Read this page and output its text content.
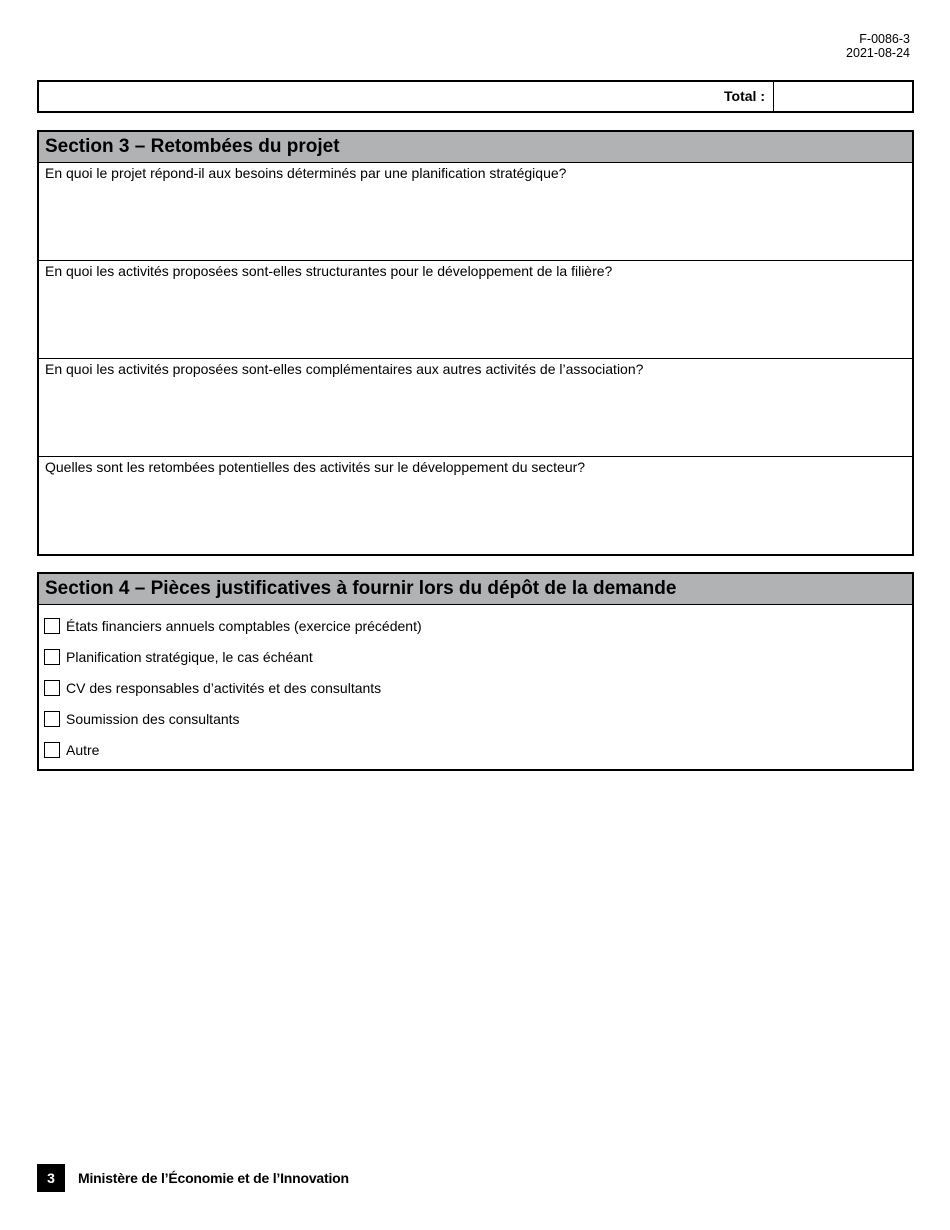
F-0086-3
2021-08-24
Total :
Section 3 – Retombées du projet
En quoi le projet répond-il aux besoins déterminés par une planification stratégique?
En quoi les activités proposées sont-elles structurantes pour le développement de la filière?
En quoi les activités proposées sont-elles complémentaires aux autres activités de l’association?
Quelles sont les retombées potentielles des activités sur le développement du secteur?
Section 4 – Pièces justificatives à fournir lors du dépôt de la demande
États financiers annuels comptables (exercice précédent)
Planification stratégique, le cas échéant
CV des responsables d’activités et des consultants
Soumission des consultants
Autre
3	Ministère de l’Économie et de l’Innovation
